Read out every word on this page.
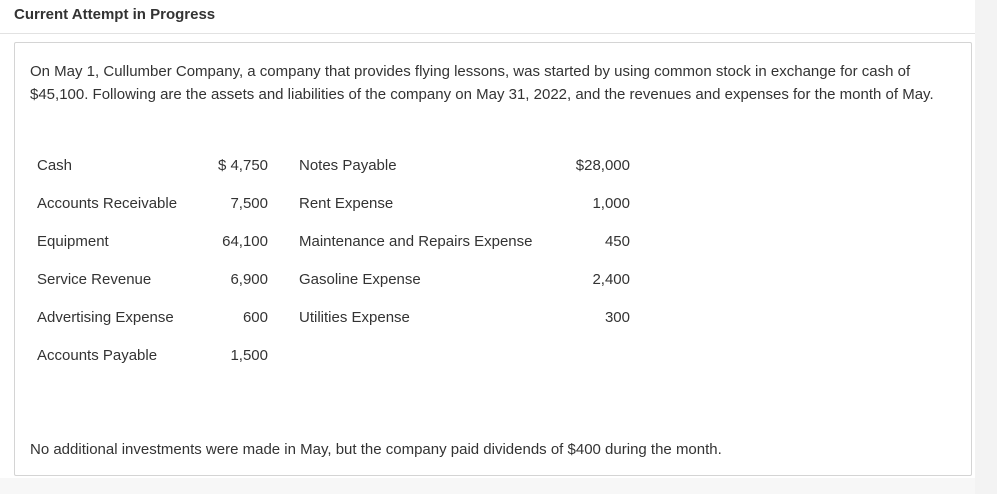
Current Attempt in Progress
On May 1, Cullumber Company, a company that provides flying lessons, was started by using common stock in exchange for cash of $45,100. Following are the assets and liabilities of the company on May 31, 2022, and the revenues and expenses for the month of May.
Cash	$ 4,750 Notes Payable	$28,000
Accounts Receivable	7,500 Rent Expense	1,000
Equipment	64,100 Maintenance and Repairs Expense	450
Service Revenue	6,900 Gasoline Expense	2,400
Advertising Expense	600 Utilities Expense	300
Accounts Payable	1,500
No additional investments were made in May, but the company paid dividends of $400 during the month.
